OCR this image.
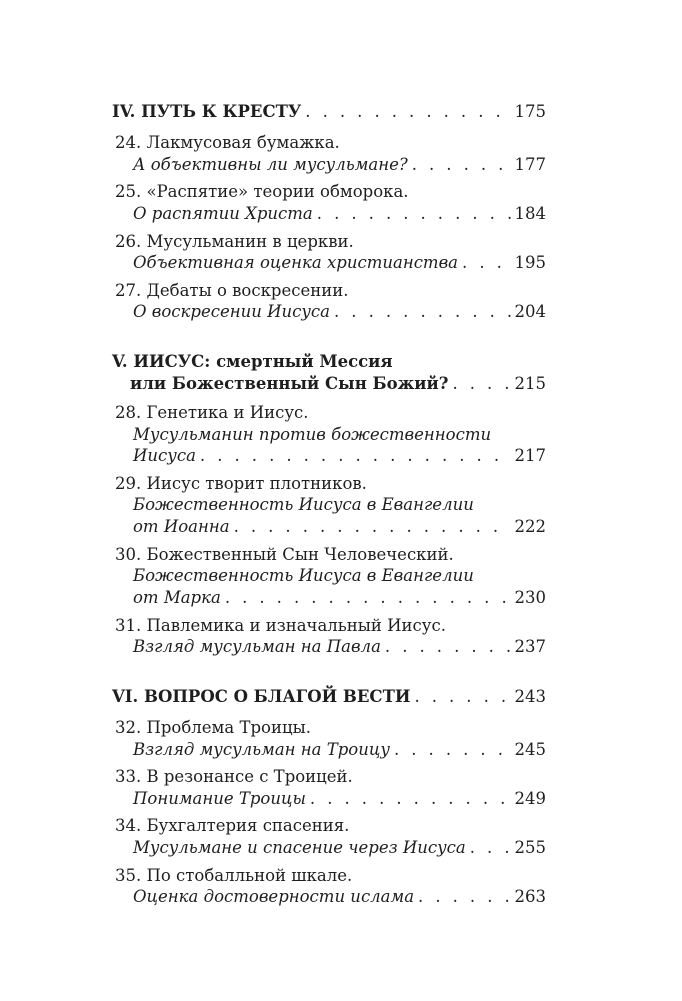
IV. ПУТЬ К КРЕСТУ . . .	175
24. Лакмусовая бумажка.
А объективны ли мусульмане? . . .	177
25. «Распятие» теории обморока.
О распятии Христа . . .	184
26. Мусульманин в церкви.
Объективная оценка христианства . . .	195
27. Дебаты о воскресении.
О воскресении Иисуса . . .	204
V. ИИСУС: смертный Мессия
или Божественный Сын Божий? . . .	215
28. Генетика и Иисус.
Мусульманин против божественности
Иисуса . . .	217
29. Иисус творит плотников.
Божественность Иисуса в Евангелии
от Иоанна . . .	222
30. Божественный Сын Человеческий.
Божественность Иисуса в Евангелии
от Марка . . .	230
31. Павлемика и изначальный Иисус.
Взгляд мусульман на Павла . . .	237
VI. ВОПРОС О БЛАГОЙ ВЕСТИ . . .	243
32. Проблема Троицы.
Взгляд мусульман на Троицу . . .	245
33. В резонансе с Троицей.
Понимание Троицы . . .	249
34. Бухгалтерия спасения.
Мусульмане и спасение через Иисуса . . .	255
35. По стобалльной шкале.
Оценка достоверности ислама . . .	263
